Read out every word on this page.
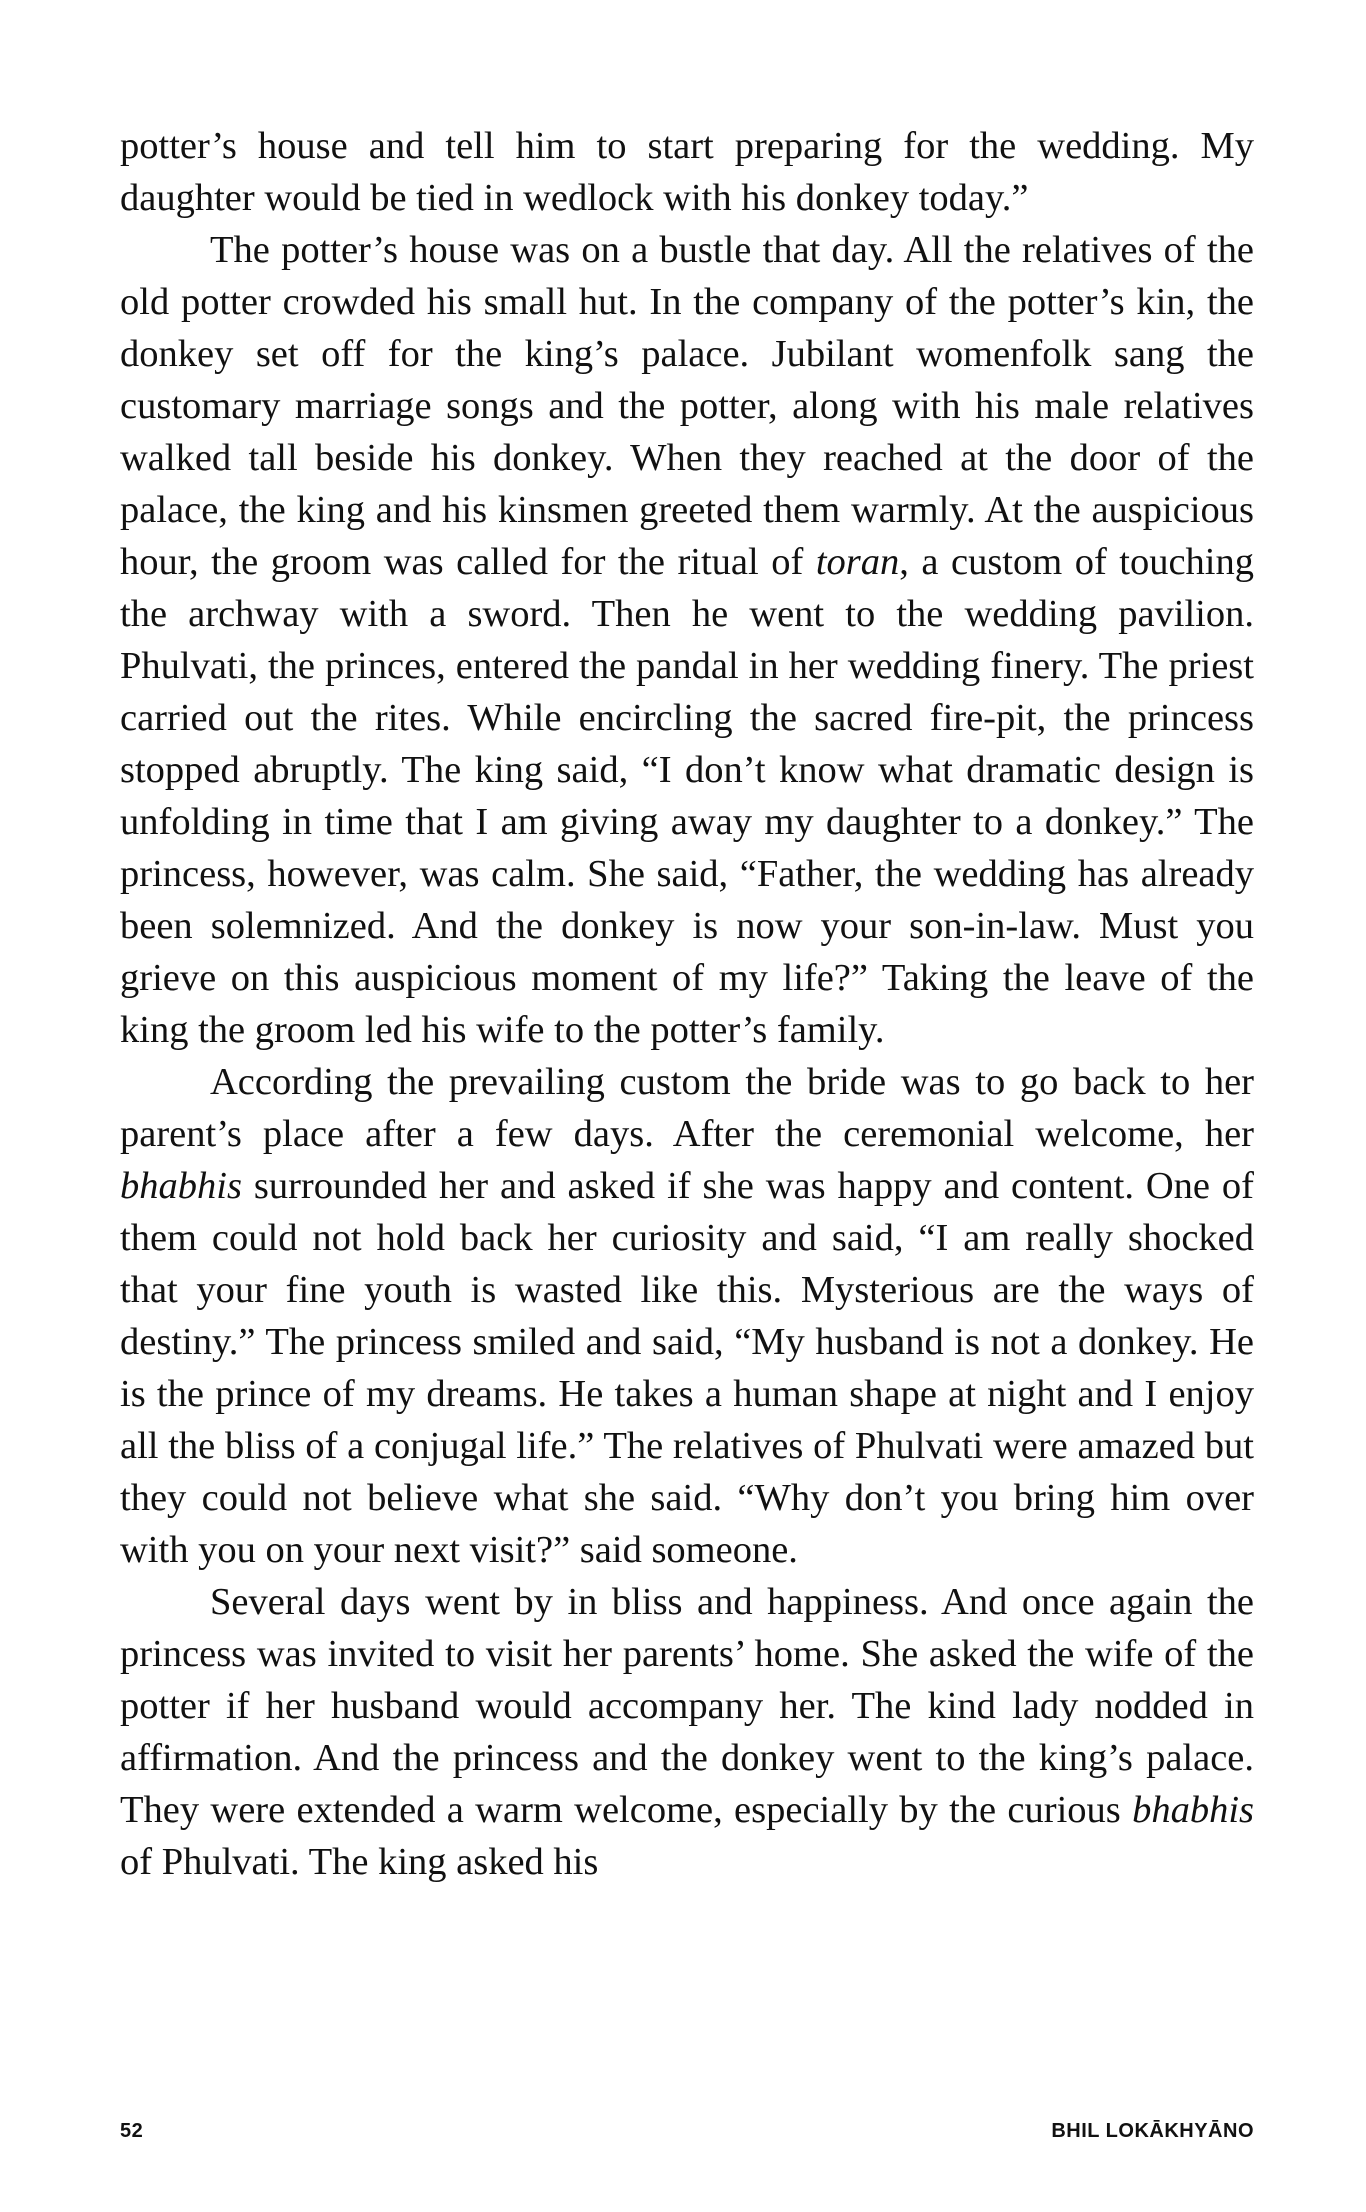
potter’s house and tell him to start preparing for the wedding. My daughter would be tied in wedlock with his donkey today.”

The potter’s house was on a bustle that day. All the relatives of the old potter crowded his small hut. In the company of the potter’s kin, the donkey set off for the king’s palace. Jubilant womenfolk sang the customary marriage songs and the potter, along with his male relatives walked tall beside his donkey. When they reached at the door of the palace, the king and his kinsmen greeted them warmly. At the auspicious hour, the groom was called for the ritual of toran, a custom of touching the archway with a sword. Then he went to the wedding pavilion. Phulvati, the princes, entered the pandal in her wedding finery. The priest carried out the rites. While encircling the sacred fire-pit, the princess stopped abruptly. The king said, “I don’t know what dramatic design is unfolding in time that I am giving away my daughter to a donkey.” The princess, however, was calm. She said, “Father, the wedding has already been solemnized. And the donkey is now your son-in-law. Must you grieve on this auspicious moment of my life?” Taking the leave of the king the groom led his wife to the potter’s family.

According the prevailing custom the bride was to go back to her parent’s place after a few days. After the ceremonial welcome, her bhabhis surrounded her and asked if she was happy and content. One of them could not hold back her curiosity and said, “I am really shocked that your fine youth is wasted like this. Mysterious are the ways of destiny.” The princess smiled and said, “My husband is not a donkey. He is the prince of my dreams. He takes a human shape at night and I enjoy all the bliss of a conjugal life.” The relatives of Phulvati were amazed but they could not believe what she said. “Why don’t you bring him over with you on your next visit?” said someone.

Several days went by in bliss and happiness. And once again the princess was invited to visit her parents’ home. She asked the wife of the potter if her husband would accompany her. The kind lady nodded in affirmation. And the princess and the donkey went to the king’s palace. They were extended a warm welcome, especially by the curious bhabhis of Phulvati. The king asked his

52	BHIL LOKĀKHYĀNO
